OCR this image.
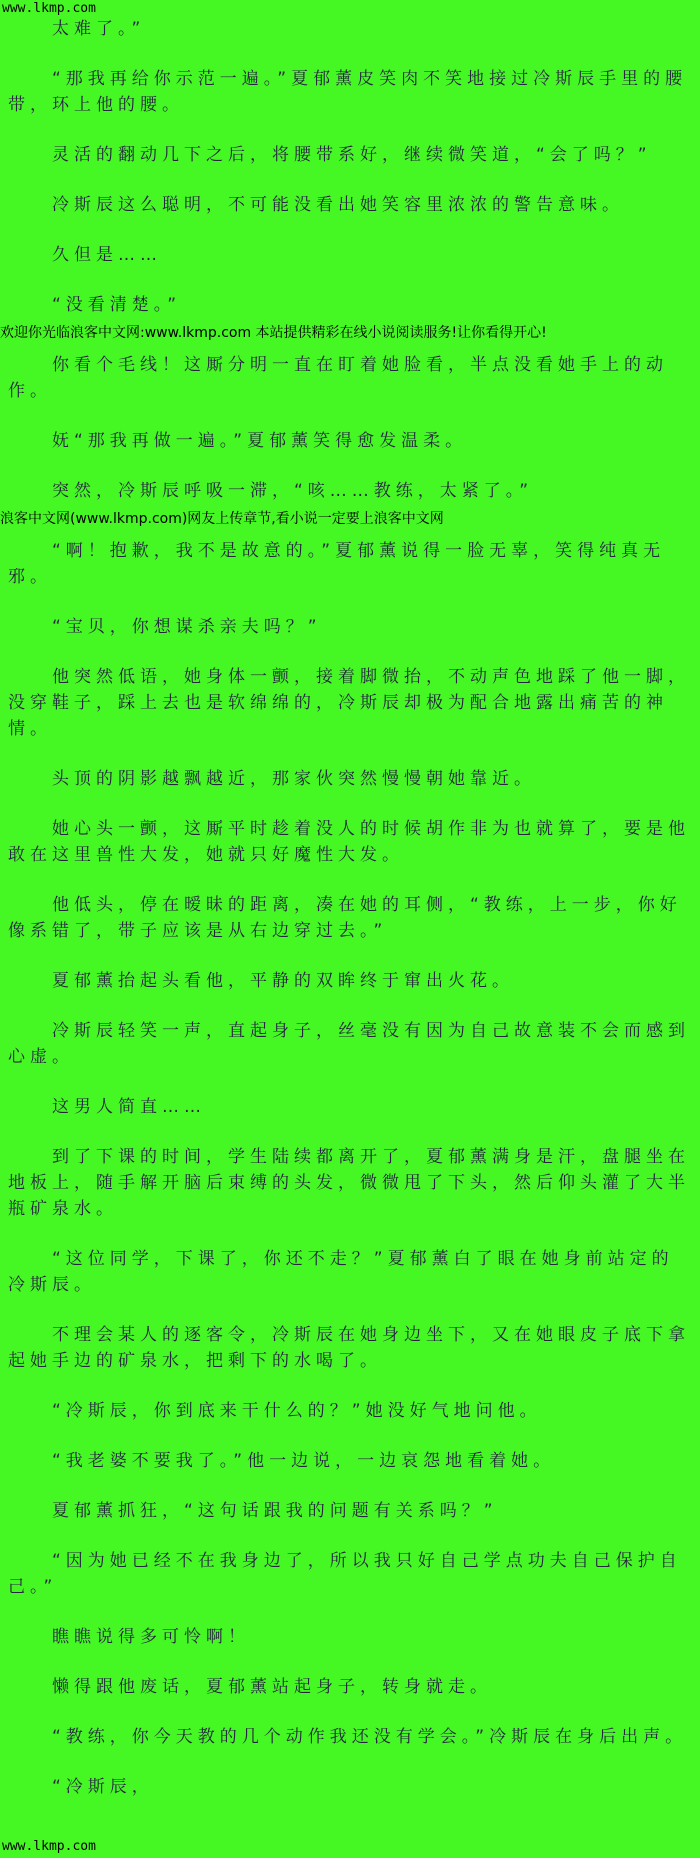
www.lkmp.com
太难了。”
“那我再给你示范一遍。”夏郁薰皮笑肉不笑地接过冷斯辰手里的腰带，环上他的腰。
灵活的翻动几下之后，将腰带系好，继续微笑道，“会了吗？”
冷斯辰这么聪明，不可能没看出她笑容里浓浓的警告意味。
久但是……
“没看清楚。”
欢迎你光临浪客中文网:www.lkmp.com 本站提供精彩在线小说阅读服务!让你看得开心!
你看个毛线！这厮分明一直在盯着她脸看，半点没看她手上的动作。
妩“那我再做一遍。”夏郁薰笑得愈发温柔。
突然，冷斯辰呼吸一滞，“咳……教练，太紧了。”
浪客中文网(www.lkmp.com)网友上传章节,看小说一定要上浪客中文网
“啊！抱歉，我不是故意的。”夏郁薰说得一脸无辜，笑得纯真无邪。
“宝贝，你想谋杀亲夫吗？”
他突然低语，她身体一颤，接着脚微抬，不动声色地踩了他一脚，没穿鞋子，踩上去也是软绵绵的，冷斯辰却极为配合地露出痛苦的神情。
头顶的阴影越飘越近，那家伙突然慢慢朝她靠近。
她心头一颤，这厮平时趁着没人的时候胡作非为也就算了，要是他敢在这里兽性大发，她就只好魔性大发。
他低头，停在暧昧的距离，凑在她的耳侧，“教练，上一步，你好像系错了，带子应该是从右边穿过去。”
夏郁薰抬起头看他，平静的双眸终于窜出火花。
冷斯辰轻笑一声，直起身子，丝毫没有因为自己故意装不会而感到心虚。
这男人简直……
到了下课的时间，学生陆续都离开了，夏郁薰满身是汗，盘腿坐在地板上，随手解开脑后束缚的头发，微微甩了下头，然后仰头灌了大半瓶矿泉水。
“这位同学，下课了，你还不走？”夏郁薰白了眼在她身前站定的冷斯辰。
不理会某人的逐客令，冷斯辰在她身边坐下，又在她眼皮子底下拿起她手边的矿泉水，把剩下的水喝了。
“冷斯辰，你到底来干什么的？”她没好气地问他。
“我老婆不要我了。”他一边说，一边哀怨地看着她。
夏郁薰抓狂，“这句话跟我的问题有关系吗？”
“因为她已经不在我身边了，所以我只好自己学点功夫自己保护自己。”
瞧瞧说得多可怜啊！
懒得跟他废话，夏郁薰站起身子，转身就走。
“教练，你今天教的几个动作我还没有学会。”冷斯辰在身后出声。
“冷斯辰，
www.lkmp.com
